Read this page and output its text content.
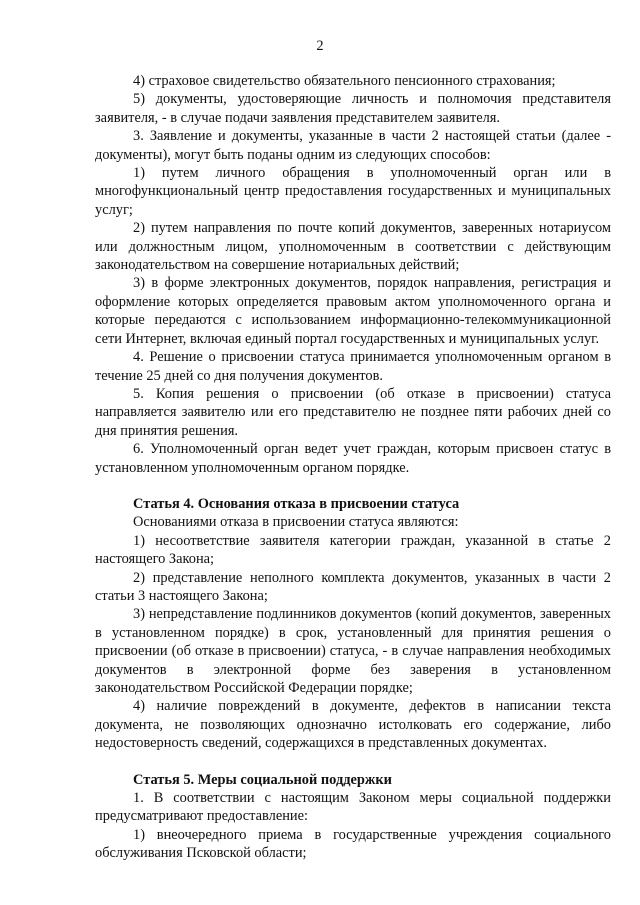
2

4) страховое свидетельство обязательного пенсионного страхования;

5) документы, удостоверяющие личность и полномочия представителя заявителя, - в случае подачи заявления представителем заявителя.

3. Заявление и документы, указанные в части 2 настоящей статьи (далее - документы), могут быть поданы одним из следующих способов:

1) путем личного обращения в уполномоченный орган или в многофункциональный центр предоставления государственных и муниципальных услуг;

2) путем направления по почте копий документов, заверенных нотариусом или должностным лицом, уполномоченным в соответствии с действующим законодательством на совершение нотариальных действий;

3) в форме электронных документов, порядок направления, регистрация и оформление которых определяется правовым актом уполномоченного органа и которые передаются с использованием информационно-телекоммуникационной сети Интернет, включая единый портал государственных и муниципальных услуг.

4. Решение о присвоении статуса принимается уполномоченным органом в течение 25 дней со дня получения документов.

5. Копия решения о присвоении (об отказе в присвоении) статуса направляется заявителю или его представителю не позднее пяти рабочих дней со дня принятия решения.

6. Уполномоченный орган ведет учет граждан, которым присвоен статус в установленном уполномоченным органом порядке.

Статья 4. Основания отказа в присвоении статуса

Основаниями отказа в присвоении статуса являются:

1) несоответствие заявителя категории граждан, указанной в статье 2 настоящего Закона;

2) представление неполного комплекта документов, указанных в части 2 статьи 3 настоящего Закона;

3) непредставление подлинников документов (копий документов, заверенных в установленном порядке) в срок, установленный для принятия решения о присвоении (об отказе в присвоении) статуса, - в случае направления необходимых документов в электронной форме без заверения в установленном законодательством Российской Федерации порядке;

4) наличие повреждений в документе, дефектов в написании текста документа, не позволяющих однозначно истолковать его содержание, либо недостоверность сведений, содержащихся в представленных документах.

Статья 5. Меры социальной поддержки

1. В соответствии с настоящим Законом меры социальной поддержки предусматривают предоставление:

1) внеочередного приема в государственные учреждения социального обслуживания Псковской области;
